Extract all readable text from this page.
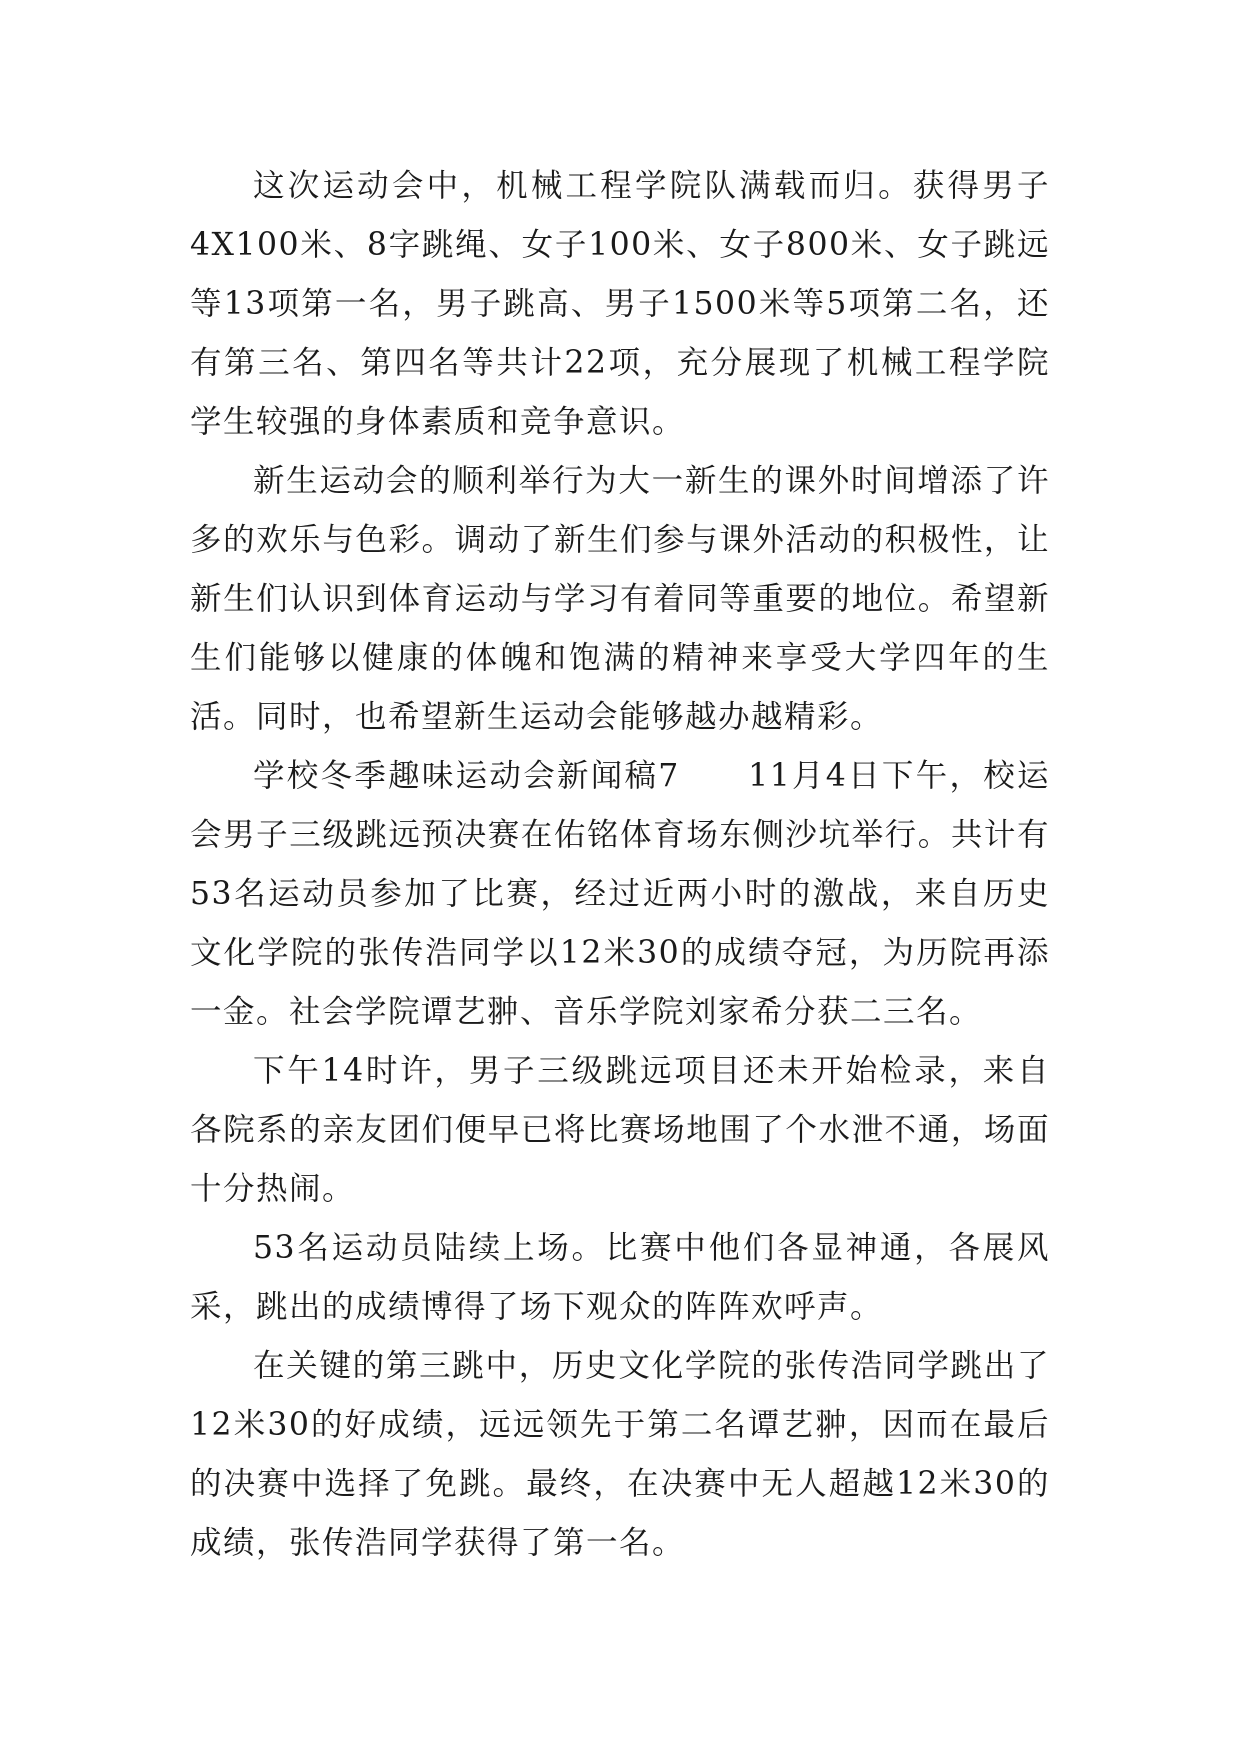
这次运动会中，机械工程学院队满载而归。获得男子4X100米、8字跳绳、女子100米、女子800米、女子跳远等13项第一名，男子跳高、男子1500米等5项第二名，还有第三名、第四名等共计22项，充分展现了机械工程学院学生较强的身体素质和竞争意识。

新生运动会的顺利举行为大一新生的课外时间增添了许多的欢乐与色彩。调动了新生们参与课外活动的积极性，让新生们认识到体育运动与学习有着同等重要的地位。希望新生们能够以健康的体魄和饱满的精神来享受大学四年的生活。同时，也希望新生运动会能够越办越精彩。

学校冬季趣味运动会新闻稿7　　11月4日下午，校运会男子三级跳远预决赛在佑铭体育场东侧沙坑举行。共计有53名运动员参加了比赛，经过近两小时的激战，来自历史文化学院的张传浩同学以12米30的成绩夺冠，为历院再添一金。社会学院谭艺翀、音乐学院刘家希分获二三名。

下午14时许，男子三级跳远项目还未开始检录，来自各院系的亲友团们便早已将比赛场地围了个水泄不通，场面十分热闹。

53名运动员陆续上场。比赛中他们各显神通，各展风采，跳出的成绩博得了场下观众的阵阵欢呼声。

在关键的第三跳中，历史文化学院的张传浩同学跳出了12米30的好成绩，远远领先于第二名谭艺翀，因而在最后的决赛中选择了免跳。最终，在决赛中无人超越12米30的成绩，张传浩同学获得了第一名。
